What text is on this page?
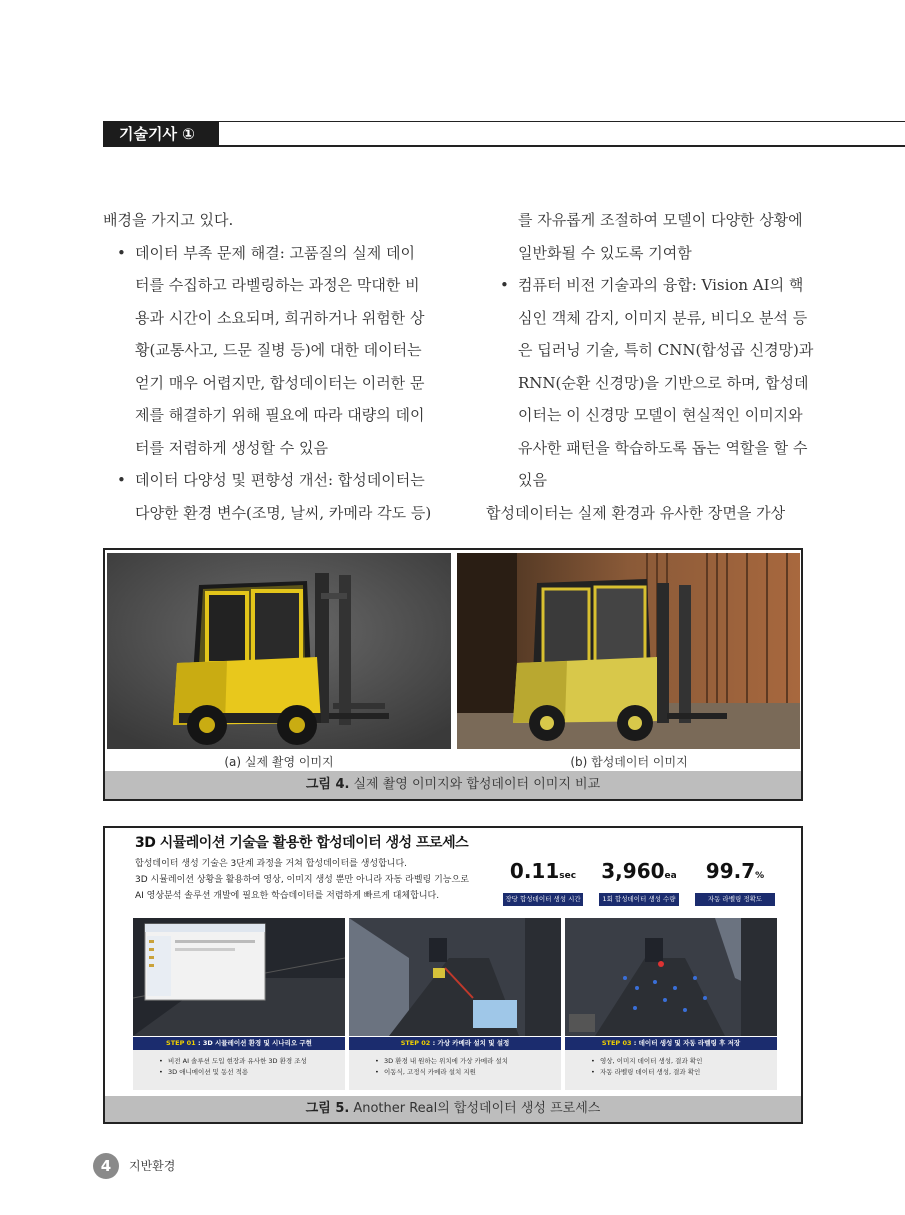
기술기사 ①

배경을 가지고 있다.

• 데이터 부족 문제 해결: 고품질의 실제 데이

터를 수집하고 라벨링하는 과정은 막대한 비

용과 시간이 소요되며, 희귀하거나 위험한 상

황(교통사고, 드문 질병 등)에 대한 데이터는

얻기 매우 어렵지만, 합성데이터는 이러한 문

제를 해결하기 위해 필요에 따라 대량의 데이

터를 저렴하게 생성할 수 있음

• 데이터 다양성 및 편향성 개선: 합성데이터는

다양한 환경 변수(조명, 날씨, 카메라 각도 등)

를 자유롭게 조절하여 모델이 다양한 상황에

일반화될 수 있도록 기여함

• 컴퓨터 비전 기술과의 융합: Vision AI의 핵

심인 객체 감지, 이미지 분류, 비디오 분석 등

은 딥러닝 기술, 특히 CNN(합성곱 신경망)과

RNN(순환 신경망)을 기반으로 하며, 합성데

이터는 이 신경망 모델이 현실적인 이미지와

유사한 패턴을 학습하도록 돕는 역할을 할 수

있음

합성데이터는 실제 환경과 유사한 장면을 가상

(a) 실제 촬영 이미지	(b) 합성데이터 이미지
그림 4. 실제 촬영 이미지와 합성데이터 이미지 비교
3D 시뮬레이션 기술을 활용한 합성데이터 생성 프로세스
합성데이터 생성 기술은 3단계 과정을 거쳐 합성데이터를 생성합니다.
3D 시뮬레이션 상황을 활용하여 영상, 이미지 생성 뿐만 아니라 자동 라벨링 기능으로
AI 영상분석 솔루션 개발에 필요한 학습데이터를 저렴하게 빠르게 대체합니다.
0.11sec
장당 합성데이터 생성 시간
3,960ea
1회 합성데이터 생성 수량
99.7%
자동 라벨링 정확도
STEP 01 : 3D 시뮬레이션 환경 및 시나리오 구현	STEP 02 : 가상 카메라 설치 및 설정	STEP 03 : 데이터 생성 및 자동 라벨링 후 저장
• 비전 AI 솔루션 도입 현장과 유사한 3D 환경 조성
• 3D 애니메이션 및 동선 적용
• 3D 환경 내 원하는 위치에 가상 카메라 설치
• 이동식, 고정식 카메라 설치 지원
• 영상, 이미지 데이터 생성, 결과 확인
• 자동 라벨링 데이터 생성, 결과 확인
그림 5. Another Real의 합성데이터 생성 프로세스
4	지반환경
